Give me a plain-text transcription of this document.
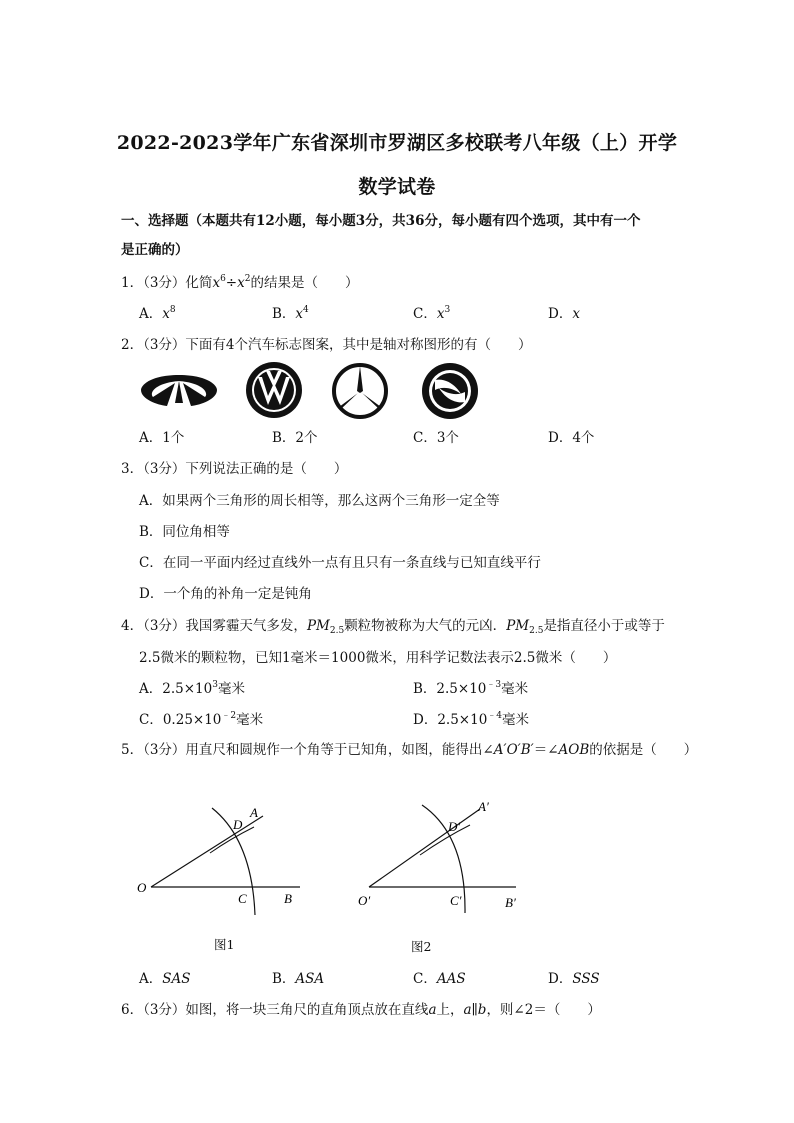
2022-2023学年广东省深圳市罗湖区多校联考八年级（上）开学
数学试卷
一、选择题（本题共有12小题，每小题3分，共36分，每小题有四个选项，其中有一个
是正确的）
1．（3分）化简$x^6\div x^2$的结果是（　　）
A．$x^8$	B．$x^4$	C．$x^3$	D．x
2．（3分）下面有4个汽车标志图案，其中是轴对称图形的有（　　）
A．1个	B．2个	C．3个	D．4个
3．（3分）下列说法正确的是（　　）
A．如果两个三角形的周长相等，那么这两个三角形一定全等
B．同位角相等
C．在同一平面内经过直线外一点有且只有一条直线与已知直线平行
D．一个角的补角一定是钝角
4．（3分）我国雾霾天气多发，$PM_{2.5}$颗粒物被称为大气的元凶．$PM_{2.5}$是指直径小于或等于
2.5微米的颗粒物，已知1毫米＝1000微米，用科学记数法表示2.5微米（　　）
A．$2.5\times 10^3$毫米	B．$2.5\times 10^{﹣3}$毫米
C．$0.25\times 10^{﹣2}$毫米	D．$2.5\times 10^{﹣4}$毫米
5．（3分）用直尺和圆规作一个角等于已知角，如图，能得出∠A′O′B′＝∠AOB的依据是（　　）
O
C	B
D
A
图1
O′	C′	B′
D′
A′
图2
A．SAS	B．ASA	C．AAS	D．SSS
6．（3分）如图，将一块三角尺的直角顶点放在直线a上，a∥b，则∠2＝（　　）
